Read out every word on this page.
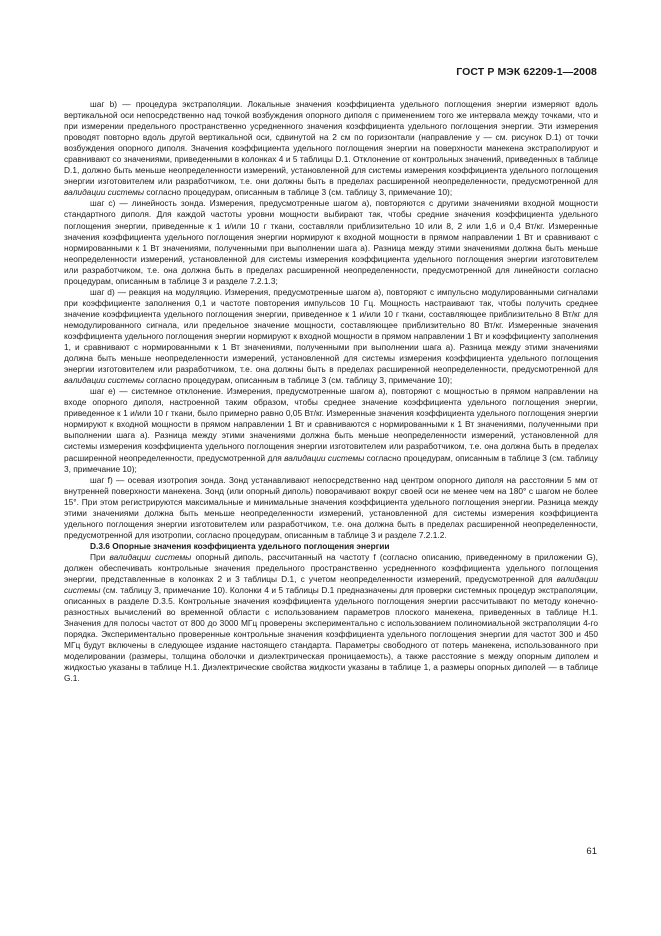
ГОСТ Р МЭК 62209-1—2008

шаг b) — процедура экстраполяции. Локальные значения коэффициента удельного поглощения энергии измеряют вдоль вертикальной оси непосредственно над точкой возбуждения опорного диполя с применением того же интервала между точками, что и при измерении предельного пространственно усредненного значения коэффициента удельного поглощения энергии. Эти измерения проводят повторно вдоль другой вертикальной оси, сдвинутой на 2 см по горизонтали (направление y — см. рисунок D.1) от точки возбуждения опорного диполя. Значения коэффициента удельного поглощения энергии на поверхности манекена экстраполируют и сравнивают со значениями, приведенными в колонках 4 и 5 таблицы D.1. Отклонение от контрольных значений, приведенных в таблице D.1, должно быть меньше неопределенности измерений, установленной для системы измерения коэффициента удельного поглощения энергии изготовителем или разработчиком, т.е. они должны быть в пределах расширенной неопределенности, предусмотренной для валидации системы согласно процедурам, описанным в таблице 3 (см. таблицу 3, примечание 10);

шаг c) — линейность зонда. Измерения, предусмотренные шагом а), повторяются с другими значениями входной мощности стандартного диполя. Для каждой частоты уровни мощности выбирают так, чтобы средние значения коэффициента удельного поглощения энергии, приведенные к 1 и/или 10 г ткани, составляли приблизительно 10 или 8, 2 или 1,6 и 0,4 Вт/кг. Измеренные значения коэффициента удельного поглощения энергии нормируют к входной мощности в прямом направлении 1 Вт и сравнивают с нормированными к 1 Вт значениями, полученными при выполнении шага а). Разница между этими значениями должна быть меньше неопределенности измерений, установленной для системы измерения коэффициента удельного поглощения энергии изготовителем или разработчиком, т.е. она должна быть в пределах расширенной неопределенности, предусмотренной для линейности согласно процедурам, описанным в таблице 3 и разделе 7.2.1.3;

шаг d) — реакция на модуляцию. Измерения, предусмотренные шагом а), повторяют с импульсно модулированными сигналами при коэффициенте заполнения 0,1 и частоте повторения импульсов 10 Гц. Мощность настраивают так, чтобы получить среднее значение коэффициента удельного поглощения энергии, приведенное к 1 и/или 10 г ткани, составляющее приблизительно 8 Вт/кг для немодулированного сигнала, или предельное значение мощности, составляющее приблизительно 80 Вт/кг. Измеренные значения коэффициента удельного поглощения энергии нормируют к входной мощности в прямом направлении 1 Вт и коэффициенту заполнения 1, и сравнивают с нормированными к 1 Вт значениями, полученными при выполнении шага а). Разница между этими значениями должна быть меньше неопределенности измерений, установленной для системы измерения коэффициента удельного поглощения энергии изготовителем или разработчиком, т.е. она должны быть в пределах расширенной неопределенности, предусмотренной для валидации системы согласно процедурам, описанным в таблице 3 (см. таблицу 3, примечание 10);

шаг e) — системное отклонение. Измерения, предусмотренные шагом а), повторяют с мощностью в прямом направлении на входе опорного диполя, настроенной таким образом, чтобы среднее значение коэффициента удельного поглощения энергии, приведенное к 1 и/или 10 г ткани, было примерно равно 0,05 Вт/кг. Измеренные значения коэффициента удельного поглощения энергии нормируют к входной мощности в прямом направлении 1 Вт и сравниваются с нормированными к 1 Вт значениями, полученными при выполнении шага а). Разница между этими значениями должна быть меньше неопределенности измерений, установленной для системы измерения коэффициента удельного поглощения энергии изготовителем или разработчиком, т.е. она должна быть в пределах расширенной неопределенности, предусмотренной для валидации системы согласно процедурам, описанным в таблице 3 (см. таблицу 3, примечание 10);

шаг f) — осевая изотропия зонда. Зонд устанавливают непосредственно над центром опорного диполя на расстоянии 5 мм от внутренней поверхности манекена. Зонд (или опорный диполь) поворачивают вокруг своей оси не менее чем на 180° с шагом не более 15°. При этом регистрируются максимальные и минимальные значения коэффициента удельного поглощения энергии. Разница между этими значениями должна быть меньше неопределенности измерений, установленной для системы измерения коэффициента удельного поглощения энергии изготовителем или разработчиком, т.е. она должна быть в пределах расширенной неопределенности, предусмотренной для изотропии, согласно процедурам, описанным в таблице 3 и разделе 7.2.1.2.

D.3.6 Опорные значения коэффициента удельного поглощения энергии

При валидации системы опорный диполь, рассчитанный на частоту f (согласно описанию, приведенному в приложении G), должен обеспечивать контрольные значения предельного пространственно усредненного коэффициента удельного поглощения энергии, представленные в колонках 2 и 3 таблицы D.1, с учетом неопределенности измерений, предусмотренной для валидации системы (см. таблицу 3, примечание 10). Колонки 4 и 5 таблицы D.1 предназначены для проверки системных процедур экстраполяции, описанных в разделе D.3.5. Контрольные значения коэффициента удельного поглощения энергии рассчитывают по методу конечно-разностных вычислений во временной области с использованием параметров плоского манекена, приведенных в таблице H.1. Значения для полосы частот от 800 до 3000 МГц проверены экспериментально с использованием полиномиальной экстраполяции 4-го порядка. Экспериментально проверенные контрольные значения коэффициента удельного поглощения энергии для частот 300 и 450 МГц будут включены в следующее издание настоящего стандарта. Параметры свободного от потерь манекена, использованного при моделировании (размеры, толщина оболочки и диэлектрическая проницаемость), а также расстояние s между опорным диполем и жидкостью указаны в таблице H.1. Диэлектрические свойства жидкости указаны в таблице 1, а размеры опорных диполей — в таблице G.1.

61
